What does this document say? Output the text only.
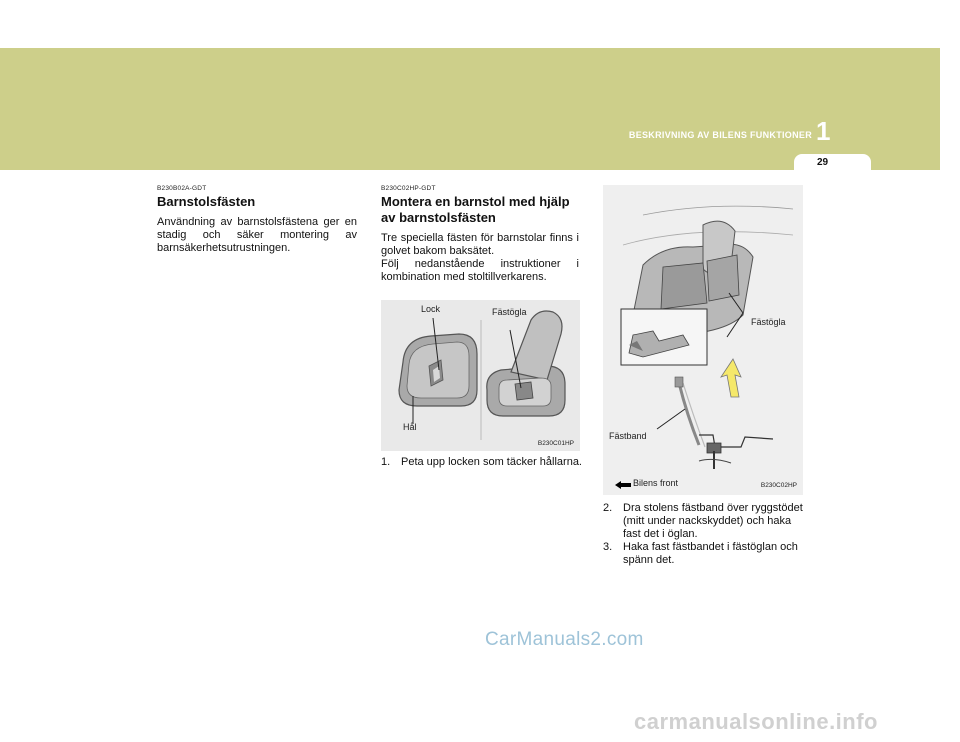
BESKRIVNING AV BILENS FUNKTIONER 1
29

B230B02A-GDT

Barnstolsfästen

Användning av barnstolsfästena ger en stadig och säker montering av barnsäkerhetsutrustningen.

B230C02HP-GDT

Montera en barnstol med hjälp av barnstolsfästen

Tre speciella fästen för barnstolar finns i golvet bakom baksätet.

Följ nedanstående instruktioner i kombination med stoltillverkarens.

Lock	Fästögla
Hål
B230C01HP

1. Peta upp locken som täcker hållarna.

Fästögla
Fästband
Bilens front	B230C02HP

2. Dra stolens fästband över ryggstödet (mitt under nackskyddet) och haka fast det i öglan.

3. Haka fast fästbandet i fästöglan och spänn det.

CarManuals2.com
carmanualsonline.info
